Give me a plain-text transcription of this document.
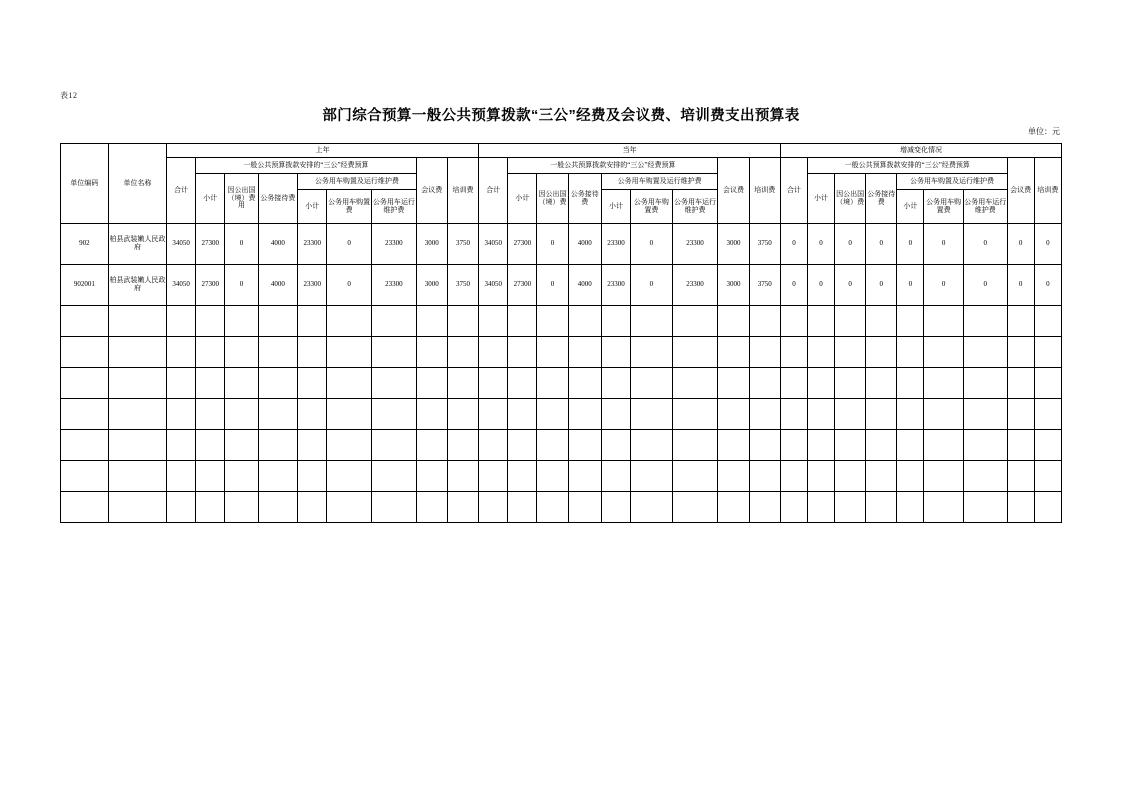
表12
部门综合预算一般公共预算拨款“三公”经费及会议费、培训费支出预算表
单位：元
单位编码	单位名称	上年									当年									增减变化情况								
		合计	一般公共预算拨款安排的“三公”经费预算						会议费	培训费	合计	一般公共预算拨款安排的“三公”经费预算						会议费	培训费	合计	一般公共预算拨款安排的“三公”经费预算						会议费	培训费
			小计	因公出国（境）费用	公务接待费	公务用车购置及运行维护费						小计	因公出国（境）费	公务接待费	公务用车购置及运行维护费						小计	因公出国（境）费	公务接待费	公务用车购置及运行维护费				
						小计	公务用车购置费	公务用车运行维护费							小计	公务用车购置费	公务用车运行维护费							小计	公务用车购置费	公务用车运行维护费		
902	柏县武装嫩人民政府	34050	27300	0	4000	23300	0	23300	3000	3750	34050	27300	0	4000	23300	0	23300	3000	3750	0	0	0	0	0	0	0	0	0
902001	柏县武装嫩人民政府	34050	27300	0	4000	23300	0	23300	3000	3750	34050	27300	0	4000	23300	0	23300	3000	3750	0	0	0	0	0	0	0	0	0
